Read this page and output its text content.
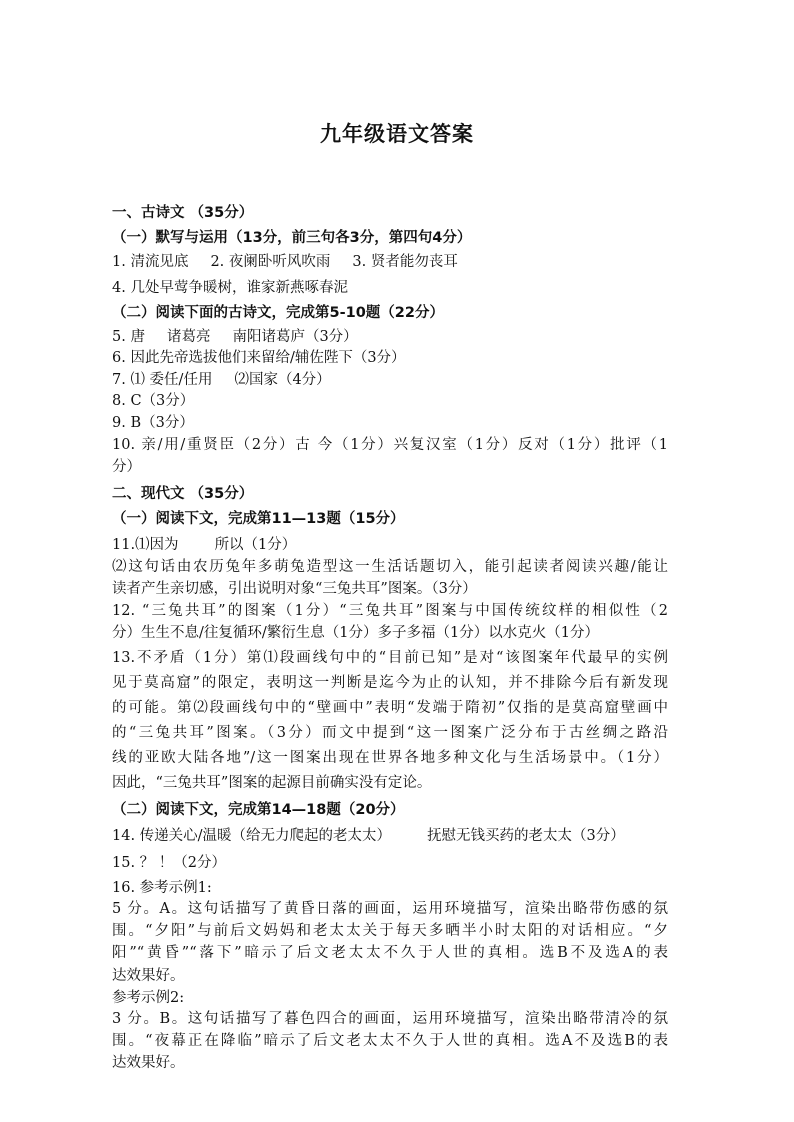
九年级语文答案
一、古诗文 （35分）
（一）默写与运用（13分，前三句各3分，第四句4分）
1. 清流见底 2. 夜阑卧听风吹雨 3. 贤者能勿丧耳
4. 几处早莺争暖树，谁家新燕啄春泥
（二）阅读下面的古诗文，完成第5-10题（22分）
5. 唐 诸葛亮 南阳诸葛庐（3分）
6. 因此先帝选拔他们来留给/辅佐陛下（3分）
7. ⑴ 委任/任用 ⑵国家（4分）
8. C（3分）
9. B（3分）
10. 亲/用/重贤臣（2分）古 今（1分）兴复汉室（1分）反对（1分）批评（1
分）
二、现代文 （35分）
（一）阅读下文，完成第11—13题（15分）
11.⑴因为 所以（1分）
⑵这句话由农历兔年多萌兔造型这一生活话题切入，能引起读者阅读兴趣/能让
读者产生亲切感，引出说明对象“三兔共耳”图案。（3分）
12. “三兔共耳”的图案（1分）“三兔共耳”图案与中国传统纹样的相似性（2
分）生生不息/往复循环/繁衍生息（1分）多子多福（1分）以水克火（1分）
13.不矛盾（1分）第⑴段画线句中的“目前已知”是对“该图案年代最早的实例
见于莫高窟”的限定，表明这一判断是迄今为止的认知，并不排除今后有新发现
的可能。第⑵段画线句中的“壁画中”表明“发端于隋初”仅指的是莫高窟壁画中
的“三兔共耳”图案。（3分）而文中提到“这一图案广泛分布于古丝绸之路沿
线的亚欧大陆各地”/这一图案出现在世界各地多种文化与生活场景中。（1分）
因此，“三兔共耳”图案的起源目前确实没有定论。
（二）阅读下文，完成第14—18题（20分）
14. 传递关心/温暖（给无力爬起的老太太） 抚慰无钱买药的老太太（3分）
15. ？ ！（2分）
16. 参考示例1:
5 分。A。这句话描写了黄昏日落的画面，运用环境描写，渲染出略带伤感的氛
围。“夕阳”与前后文妈妈和老太太关于每天多晒半小时太阳的对话相应。“夕
阳”“黄昏”“落下”暗示了后文老太太不久于人世的真相。选B不及选A的表
达效果好。
参考示例2:
3 分。B。这句话描写了暮色四合的画面，运用环境描写，渲染出略带清冷的氛
围。“夜幕正在降临”暗示了后文老太太不久于人世的真相。选A不及选B的表
达效果好。
